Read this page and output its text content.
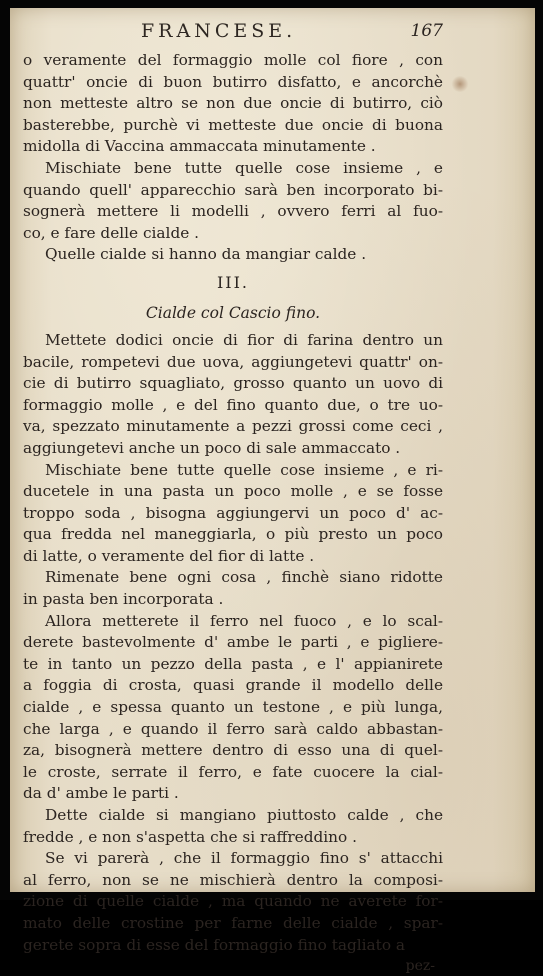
FRANCESE.	167
o veramente del formaggio molle col fiore , con
quattr' oncie di buon butirro disfatto, e ancorchè
non metteste altro se non due oncie di butirro, ciò
basterebbe, purchè vi metteste due oncie di buona
midolla di Vaccina ammaccata minutamente .
Mischiate bene tutte quelle cose insieme , e
quando quell' apparecchio sarà ben incorporato bi-
sognerà mettere li modelli , ovvero ferri al fuo-
co, e fare delle cialde .
Quelle cialde si hanno da mangiar calde .
III.
Cialde col Cascio fino.
Mettete dodici oncie di fior di farina dentro un
bacile, rompetevi due uova, aggiungetevi quattr' on-
cie di butirro squagliato, grosso quanto un uovo di
formaggio molle , e del fino quanto due, o tre uo-
va, spezzato minutamente a pezzi grossi come ceci ,
aggiungetevi anche un poco di sale ammaccato .
Mischiate bene tutte quelle cose insieme , e ri-
ducetele in una pasta un poco molle , e se fosse
troppo soda , bisogna aggiungervi un poco d' ac-
qua fredda nel maneggiarla, o più presto un poco
di latte, o veramente del fior di latte .
Rimenate bene ogni cosa , finchè siano ridotte
in pasta ben incorporata .
Allora metterete il ferro nel fuoco , e lo scal-
derete bastevolmente d' ambe le parti , e pigliere-
te in tanto un pezzo della pasta , e l' appianirete
a foggia di crosta, quasi grande il modello delle
cialde , e spessa quanto un testone , e più lunga,
che larga , e quando il ferro sarà caldo abbastan-
za, bisognerà mettere dentro di esso una di quel-
le croste, serrate il ferro, e fate cuocere la cial-
da d' ambe le parti .
Dette cialde si mangiano piuttosto calde , che
fredde , e non s'aspetta che si raffreddino .
Se vi parerà , che il formaggio fino s' attacchi
al ferro, non se ne mischierà dentro la composi-
zione di quelle cialde , ma quando ne averete for-
mato delle crostine per farne delle cialde , spar-
gerete sopra di esse del formaggio fino tagliato a
pez-
